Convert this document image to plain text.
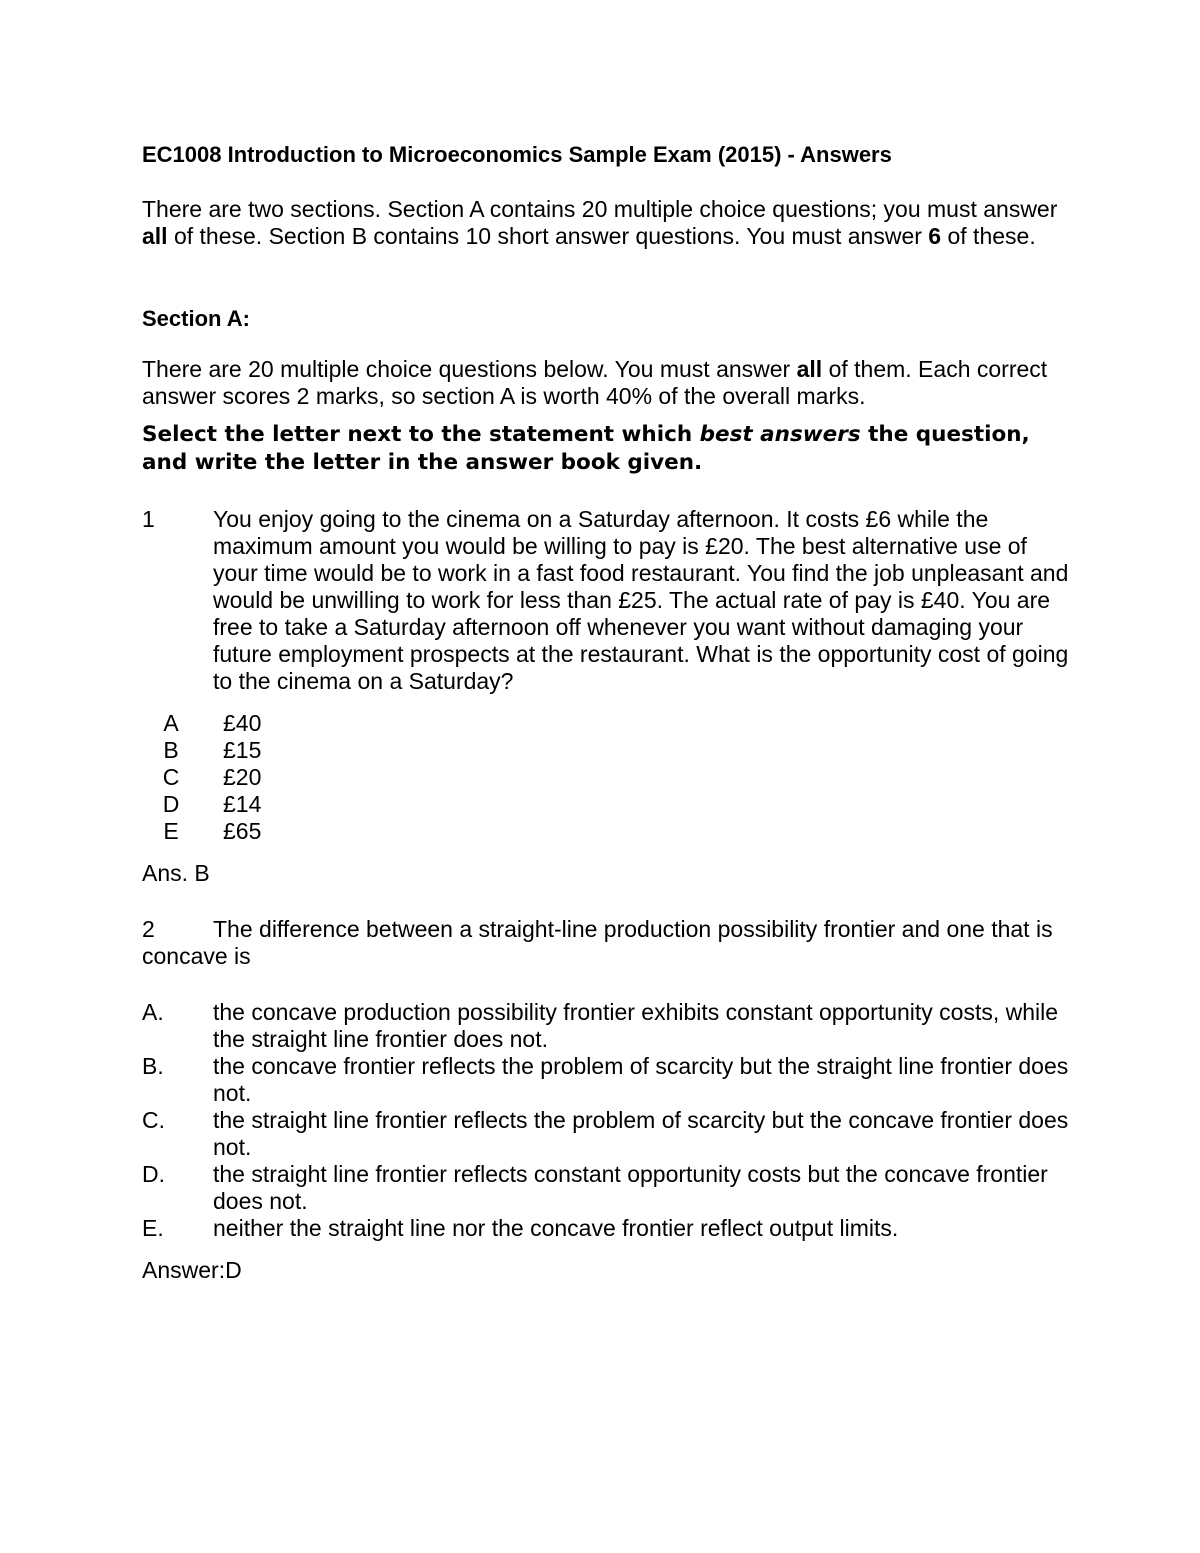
EC1008 Introduction to Microeconomics Sample Exam (2015) - Answers

There are two sections. Section A contains 20 multiple choice questions; you must answer all of these. Section B contains 10 short answer questions. You must answer 6 of these.

Section A:

There are 20 multiple choice questions below. You must answer all of them. Each correct answer scores 2 marks, so section A is worth 40% of the overall marks.

Select the letter next to the statement which best answers the question, and write the letter in the answer book given.

1	You enjoy going to the cinema on a Saturday afternoon. It costs £6 while the maximum amount you would be willing to pay is £20. The best alternative use of your time would be to work in a fast food restaurant. You find the job unpleasant and would be unwilling to work for less than £25. The actual rate of pay is £40. You are free to take a Saturday afternoon off whenever you want without damaging your future employment prospects at the restaurant. What is the opportunity cost of going to the cinema on a Saturday?
A	£40
B	£15
C £20
D £14
E	£65

Ans. B

2	The difference between a straight-line production possibility frontier and one that is concave is

A.	the concave production possibility frontier exhibits constant opportunity costs, while the straight line frontier does not.
B.	the concave frontier reflects the problem of scarcity but the straight line frontier does not.
C.	the straight line frontier reflects the problem of scarcity but the concave frontier does not.
D.	the straight line frontier reflects constant opportunity costs but the concave frontier does not.
E.	neither the straight line nor the concave frontier reflect output limits.

Answer:D
